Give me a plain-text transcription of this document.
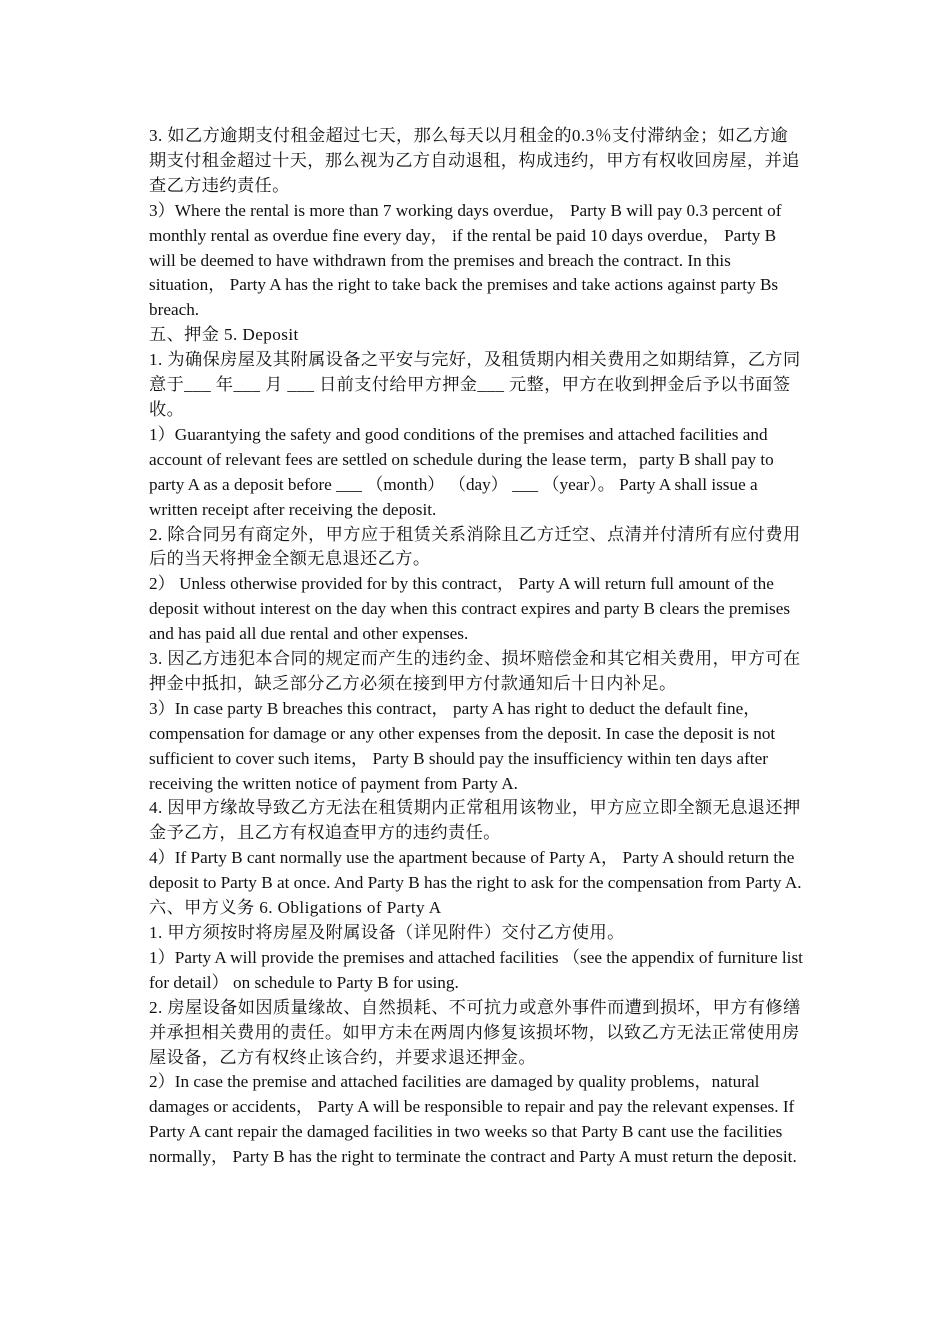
3. 如乙方逾期支付租金超过七天，那么每天以月租金的0.3％支付滞纳金；如乙方逾期支付租金超过十天，那么视为乙方自动退租，构成违约，甲方有权收回房屋，并追查乙方违约责任。

3）Where the rental is more than 7 working days overdue， Party B will pay 0.3 percent of monthly rental as overdue fine every day， if the rental be paid 10 days overdue， Party B will be deemed to have withdrawn from the premises and breach the contract. In this situation， Party A has the right to take back the premises and take actions against party Bs breach.

五、押金 5. Deposit

1. 为确保房屋及其附属设备之平安与完好，及租赁期内相关费用之如期结算，乙方同意于___ 年___ 月 ___ 日前支付给甲方押金___ 元整，甲方在收到押金后予以书面签收。

1）Guarantying the safety and good conditions of the premises and attached facilities and account of relevant fees are settled on schedule during the lease term，party B shall pay to party A as a deposit before ___ （month） （day） ___ （year）。 Party A shall issue a written receipt after receiving the deposit.

2. 除合同另有商定外，甲方应于租赁关系消除且乙方迁空、点清并付清所有应付费用后的当天将押金全额无息退还乙方。

2） Unless otherwise provided for by this contract， Party A will return full amount of the deposit without interest on the day when this contract expires and party B clears the premises and has paid all due rental and other expenses.

3. 因乙方违犯本合同的规定而产生的违约金、损坏赔偿金和其它相关费用，甲方可在押金中抵扣，缺乏部分乙方必须在接到甲方付款通知后十日内补足。

3）In case party B breaches this contract， party A has right to deduct the default fine， compensation for damage or any other expenses from the deposit. In case the deposit is not sufficient to cover such items， Party B should pay the insufficiency within ten days after receiving the written notice of payment from Party A.

4. 因甲方缘故导致乙方无法在租赁期内正常租用该物业，甲方应立即全额无息退还押金予乙方，且乙方有权追查甲方的违约责任。

4）If Party B cant normally use the apartment because of Party A， Party A should return the deposit to Party B at once. And Party B has the right to ask for the compensation from Party A.

六、甲方义务 6. Obligations of Party A

1. 甲方须按时将房屋及附属设备（详见附件）交付乙方使用。

1）Party A will provide the premises and attached facilities （see the appendix of furniture list for detail） on schedule to Party B for using.

2. 房屋设备如因质量缘故、自然损耗、不可抗力或意外事件而遭到损坏，甲方有修缮并承担相关费用的责任。如甲方未在两周内修复该损坏物，以致乙方无法正常使用房屋设备，乙方有权终止该合约，并要求退还押金。

2）In case the premise and attached facilities are damaged by quality problems，natural damages or accidents， Party A will be responsible to repair and pay the relevant expenses. If Party A cant repair the damaged facilities in two weeks so that Party B cant use the facilities normally， Party B has the right to terminate the contract and Party A must return the deposit.
